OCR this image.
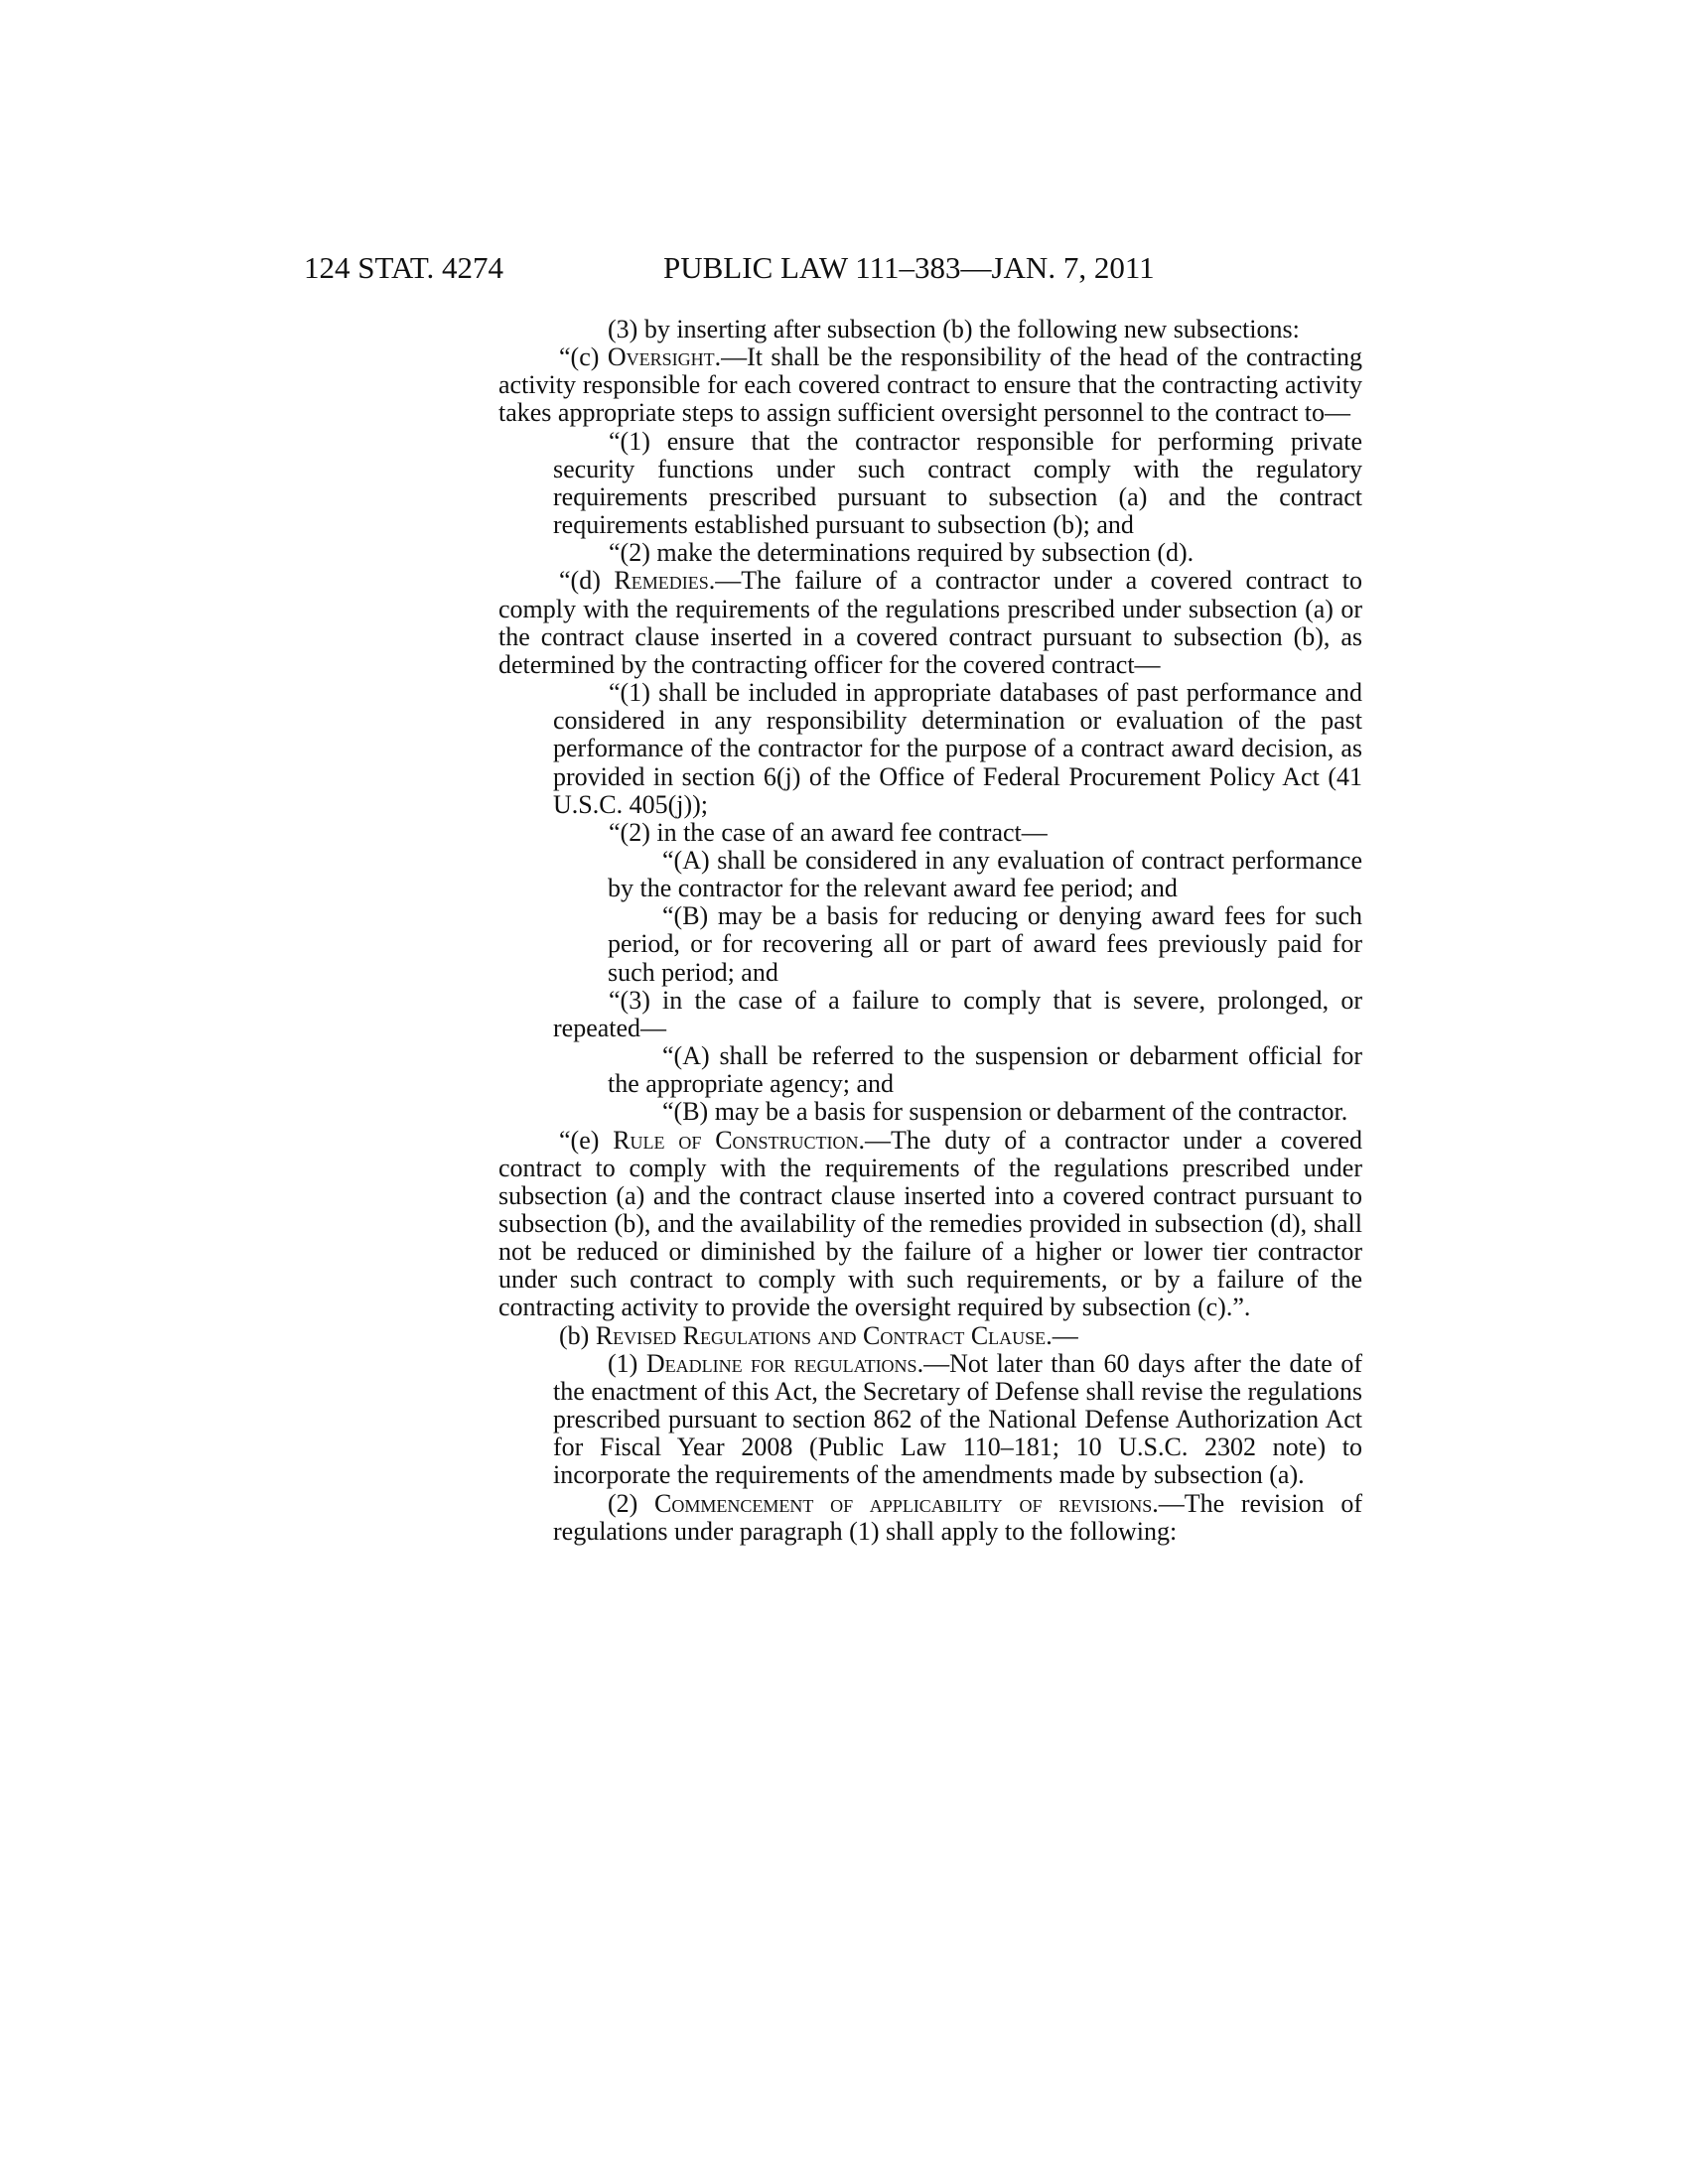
124 STAT. 4274	PUBLIC LAW 111–383—JAN. 7, 2011

(3) by inserting after subsection (b) the following new subsections:

“(c) Oversight.—It shall be the responsibility of the head of the contracting activity responsible for each covered contract to ensure that the contracting activity takes appropriate steps to assign sufficient oversight personnel to the contract to—

“(1) ensure that the contractor responsible for performing private security functions under such contract comply with the regulatory requirements prescribed pursuant to subsection (a) and the contract requirements established pursuant to subsection (b); and

“(2) make the determinations required by subsection (d).

“(d) Remedies.—The failure of a contractor under a covered contract to comply with the requirements of the regulations prescribed under subsection (a) or the contract clause inserted in a covered contract pursuant to subsection (b), as determined by the contracting officer for the covered contract—

“(1) shall be included in appropriate databases of past performance and considered in any responsibility determination or evaluation of the past performance of the contractor for the purpose of a contract award decision, as provided in section 6(j) of the Office of Federal Procurement Policy Act (41 U.S.C. 405(j));

“(2) in the case of an award fee contract—

“(A) shall be considered in any evaluation of contract performance by the contractor for the relevant award fee period; and

“(B) may be a basis for reducing or denying award fees for such period, or for recovering all or part of award fees previously paid for such period; and

“(3) in the case of a failure to comply that is severe, prolonged, or repeated—

“(A) shall be referred to the suspension or debarment official for the appropriate agency; and

“(B) may be a basis for suspension or debarment of the contractor.

“(e) Rule of Construction.—The duty of a contractor under a covered contract to comply with the requirements of the regulations prescribed under subsection (a) and the contract clause inserted into a covered contract pursuant to subsection (b), and the availability of the remedies provided in subsection (d), shall not be reduced or diminished by the failure of a higher or lower tier contractor under such contract to comply with such requirements, or by a failure of the contracting activity to provide the oversight required by subsection (c).”.

(b) Revised Regulations and Contract Clause.—

(1) Deadline for regulations.—Not later than 60 days after the date of the enactment of this Act, the Secretary of Defense shall revise the regulations prescribed pursuant to section 862 of the National Defense Authorization Act for Fiscal Year 2008 (Public Law 110–181; 10 U.S.C. 2302 note) to incorporate the requirements of the amendments made by subsection (a).

(2) Commencement of applicability of revisions.—The revision of regulations under paragraph (1) shall apply to the following:
